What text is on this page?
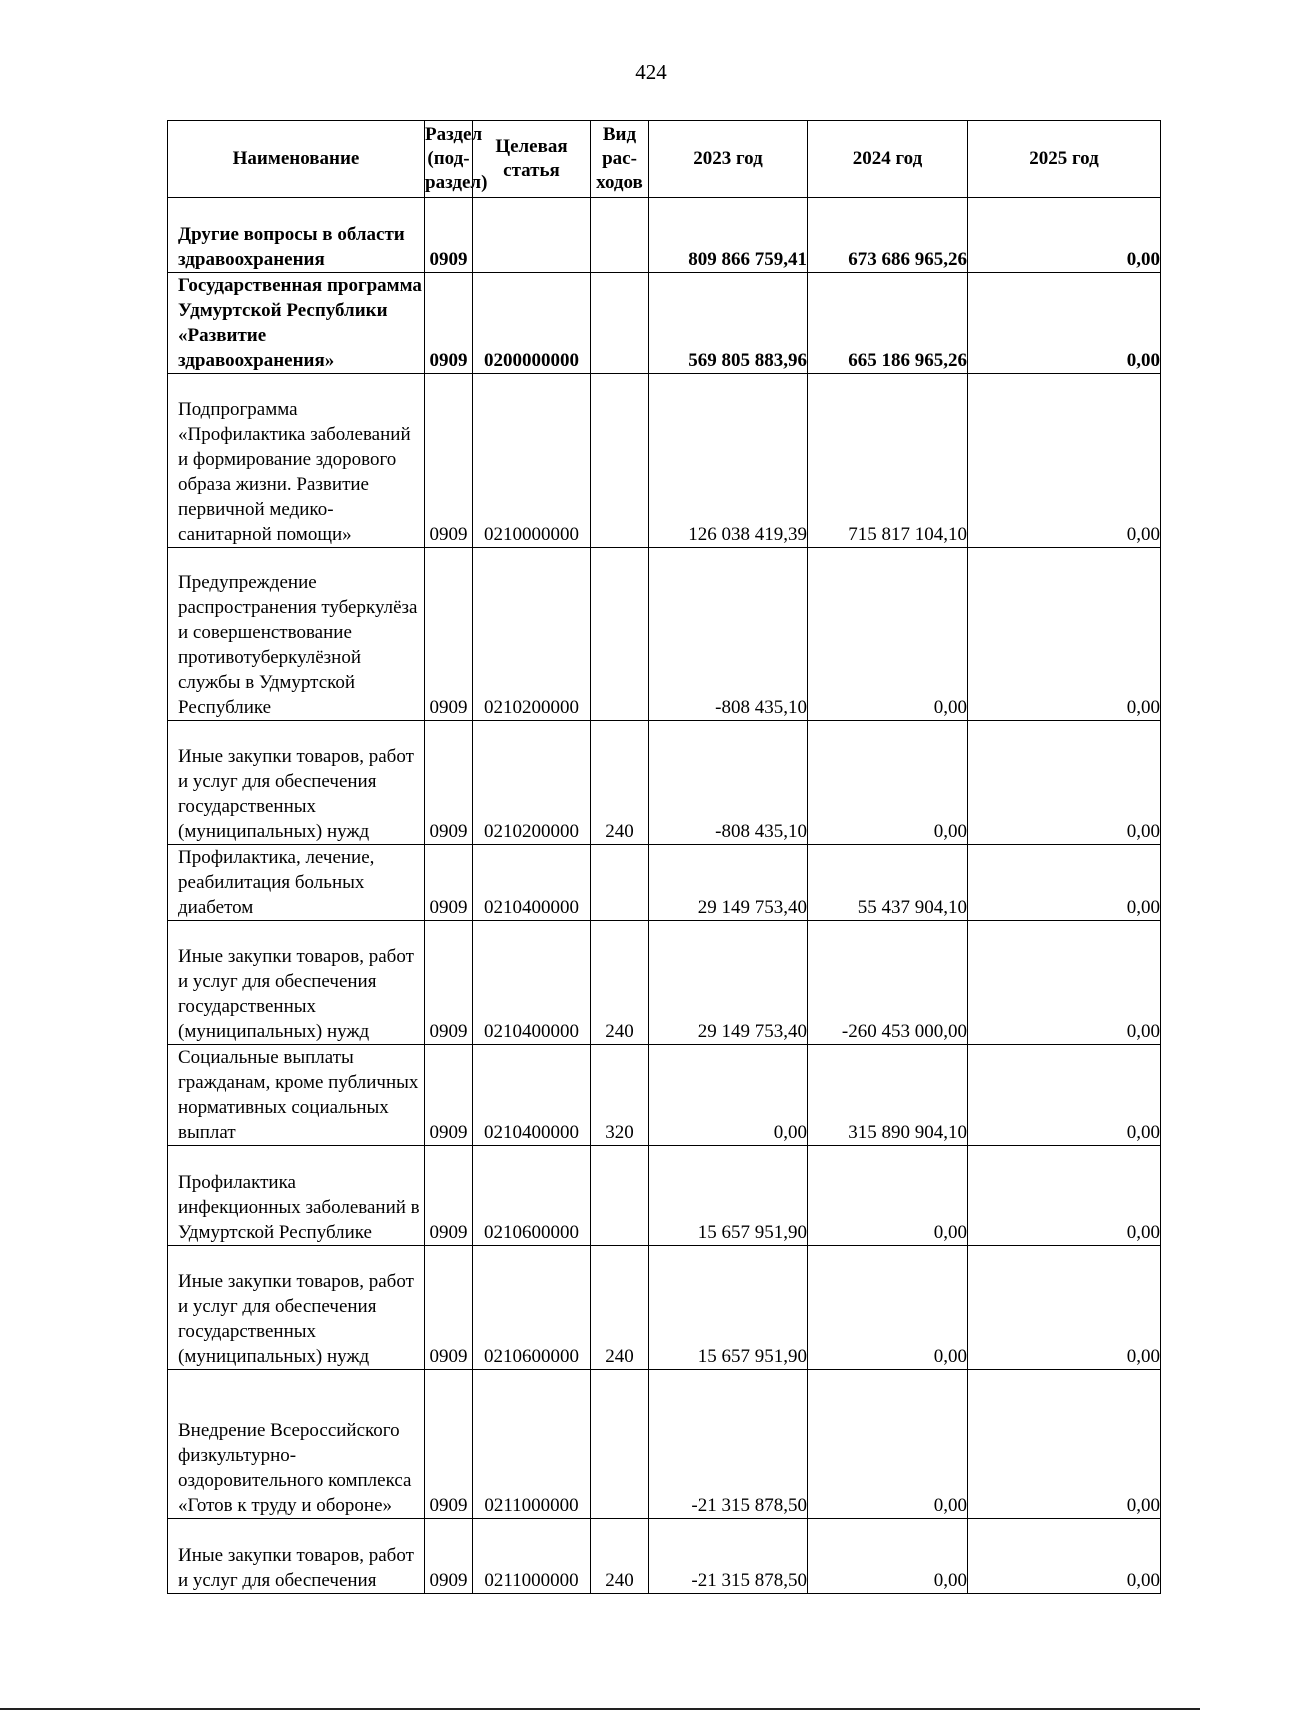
424
Наименование	Раздел (под-раздел)	Целевая статья	Вид рас-ходов	2023 год	2024 год	2025 год
Другие вопросы в области здравоохранения	0909			809 866 759,41	673 686 965,26	0,00
Государственная программа Удмуртской Республики «Развитие здравоохранения»	0909	0200000000		569 805 883,96	665 186 965,26	0,00
Подпрограмма «Профилактика заболеваний и формирование здорового образа жизни. Развитие первичной медико-санитарной помощи»	0909	0210000000		126 038 419,39	715 817 104,10	0,00
Предупреждение распространения туберкулёза и совершенствование противотуберкулёзной службы в Удмуртской Республике	0909	0210200000		-808 435,10	0,00	0,00
Иные закупки товаров, работ и услуг для обеспечения государственных (муниципальных) нужд	0909	0210200000	240	-808 435,10	0,00	0,00
Профилактика, лечение, реабилитация больных диабетом	0909	0210400000		29 149 753,40	55 437 904,10	0,00
Иные закупки товаров, работ и услуг для обеспечения государственных (муниципальных) нужд	0909	0210400000	240	29 149 753,40	-260 453 000,00	0,00
Социальные выплаты гражданам, кроме публичных нормативных социальных выплат	0909	0210400000	320	0,00	315 890 904,10	0,00
Профилактика инфекционных заболеваний в Удмуртской Республике	0909	0210600000		15 657 951,90	0,00	0,00
Иные закупки товаров, работ и услуг для обеспечения государственных (муниципальных) нужд	0909	0210600000	240	15 657 951,90	0,00	0,00
Внедрение Всероссийского физкультурно-оздоровительного комплекса «Готов к труду и обороне»	0909	0211000000		-21 315 878,50	0,00	0,00
Иные закупки товаров, работ и услуг для обеспечения	0909	0211000000	240	-21 315 878,50	0,00	0,00
